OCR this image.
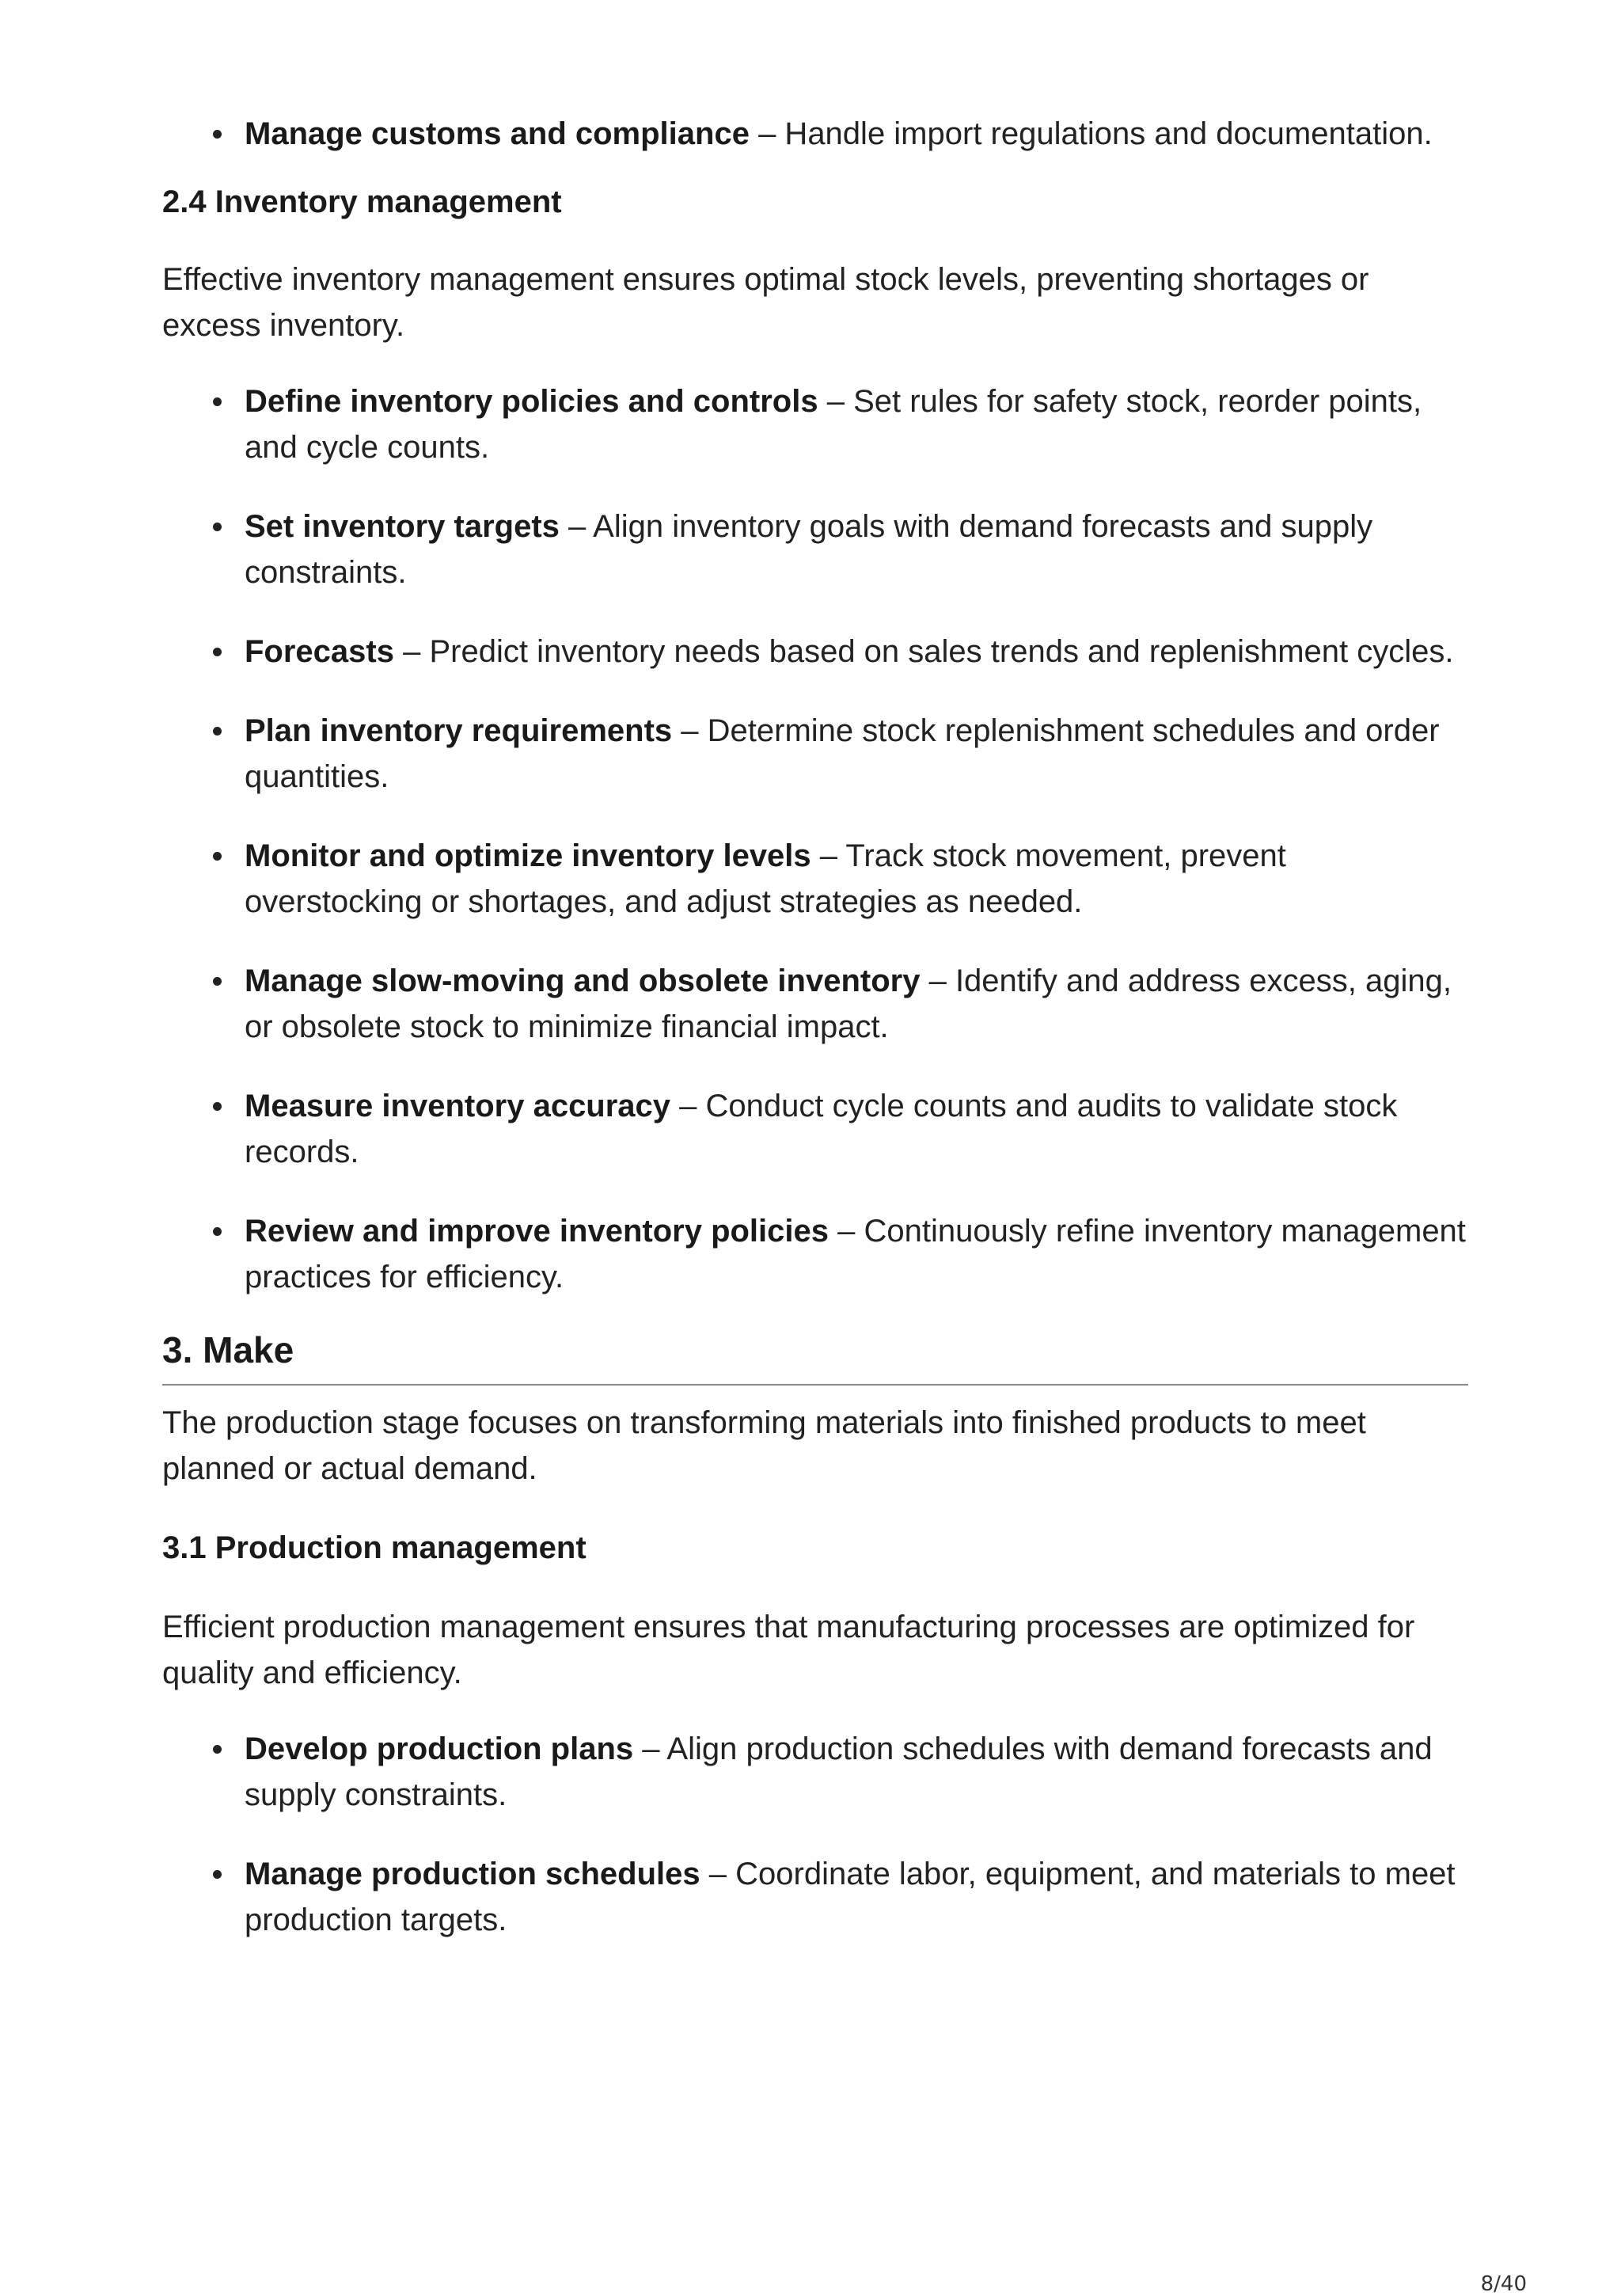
Manage customs and compliance – Handle import regulations and documentation.
2.4 Inventory management

Effective inventory management ensures optimal stock levels, preventing shortages or excess inventory.

Define inventory policies and controls – Set rules for safety stock, reorder points, and cycle counts.
Set inventory targets – Align inventory goals with demand forecasts and supply constraints.
Forecasts – Predict inventory needs based on sales trends and replenishment cycles.
Plan inventory requirements – Determine stock replenishment schedules and order quantities.
Monitor and optimize inventory levels – Track stock movement, prevent overstocking or shortages, and adjust strategies as needed.
Manage slow-moving and obsolete inventory – Identify and address excess, aging, or obsolete stock to minimize financial impact.
Measure inventory accuracy – Conduct cycle counts and audits to validate stock records.
Review and improve inventory policies – Continuously refine inventory management practices for efficiency.
3. Make

The production stage focuses on transforming materials into finished products to meet planned or actual demand.

3.1 Production management

Efficient production management ensures that manufacturing processes are optimized for quality and efficiency.

Develop production plans – Align production schedules with demand forecasts and supply constraints.
Manage production schedules – Coordinate labor, equipment, and materials to meet production targets.
8/40
